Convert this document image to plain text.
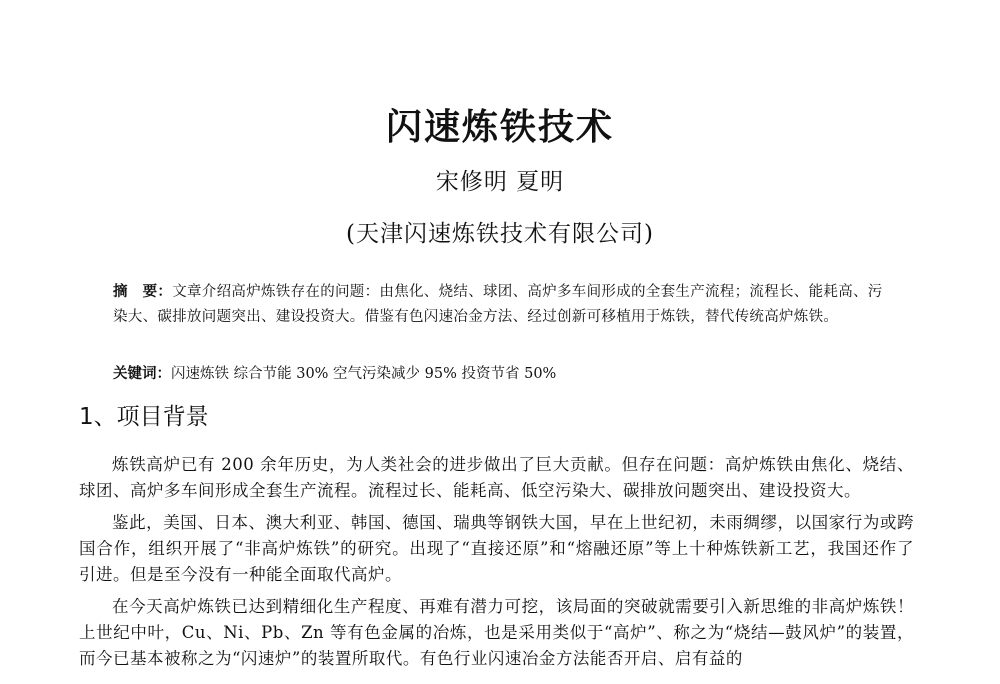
闪速炼铁技术
宋修明 夏明
(天津闪速炼铁技术有限公司)
摘　要：文章介绍高炉炼铁存在的问题：由焦化、烧结、球团、高炉多车间形成的全套生产流程；流程长、能耗高、污染大、碳排放问题突出、建设投资大。借鉴有色闪速冶金方法、经过创新可移植用于炼铁，替代传统高炉炼铁。
关键词：闪速炼铁 综合节能 30% 空气污染减少 95% 投资节省 50%
1、项目背景

炼铁高炉已有 200 余年历史，为人类社会的进步做出了巨大贡献。但存在问题：高炉炼铁由焦化、烧结、球团、高炉多车间形成全套生产流程。流程过长、能耗高、低空污染大、碳排放问题突出、建设投资大。

鉴此，美国、日本、澳大利亚、韩国、德国、瑞典等钢铁大国，早在上世纪初，未雨绸缪，以国家行为或跨国合作，组织开展了“非高炉炼铁”的研究。出现了“直接还原”和“熔融还原”等上十种炼铁新工艺，我国还作了引进。但是至今没有一种能全面取代高炉。

在今天高炉炼铁已达到精细化生产程度、再难有潜力可挖，该局面的突破就需要引入新思维的非高炉炼铁！上世纪中叶，Cu、Ni、Pb、Zn 等有色金属的冶炼，也是采用类似于“高炉”、称之为“烧结—鼓风炉”的装置，而今已基本被称之为“闪速炉”的装置所取代。有色行业闪速冶金方法能否开启、启有益的
